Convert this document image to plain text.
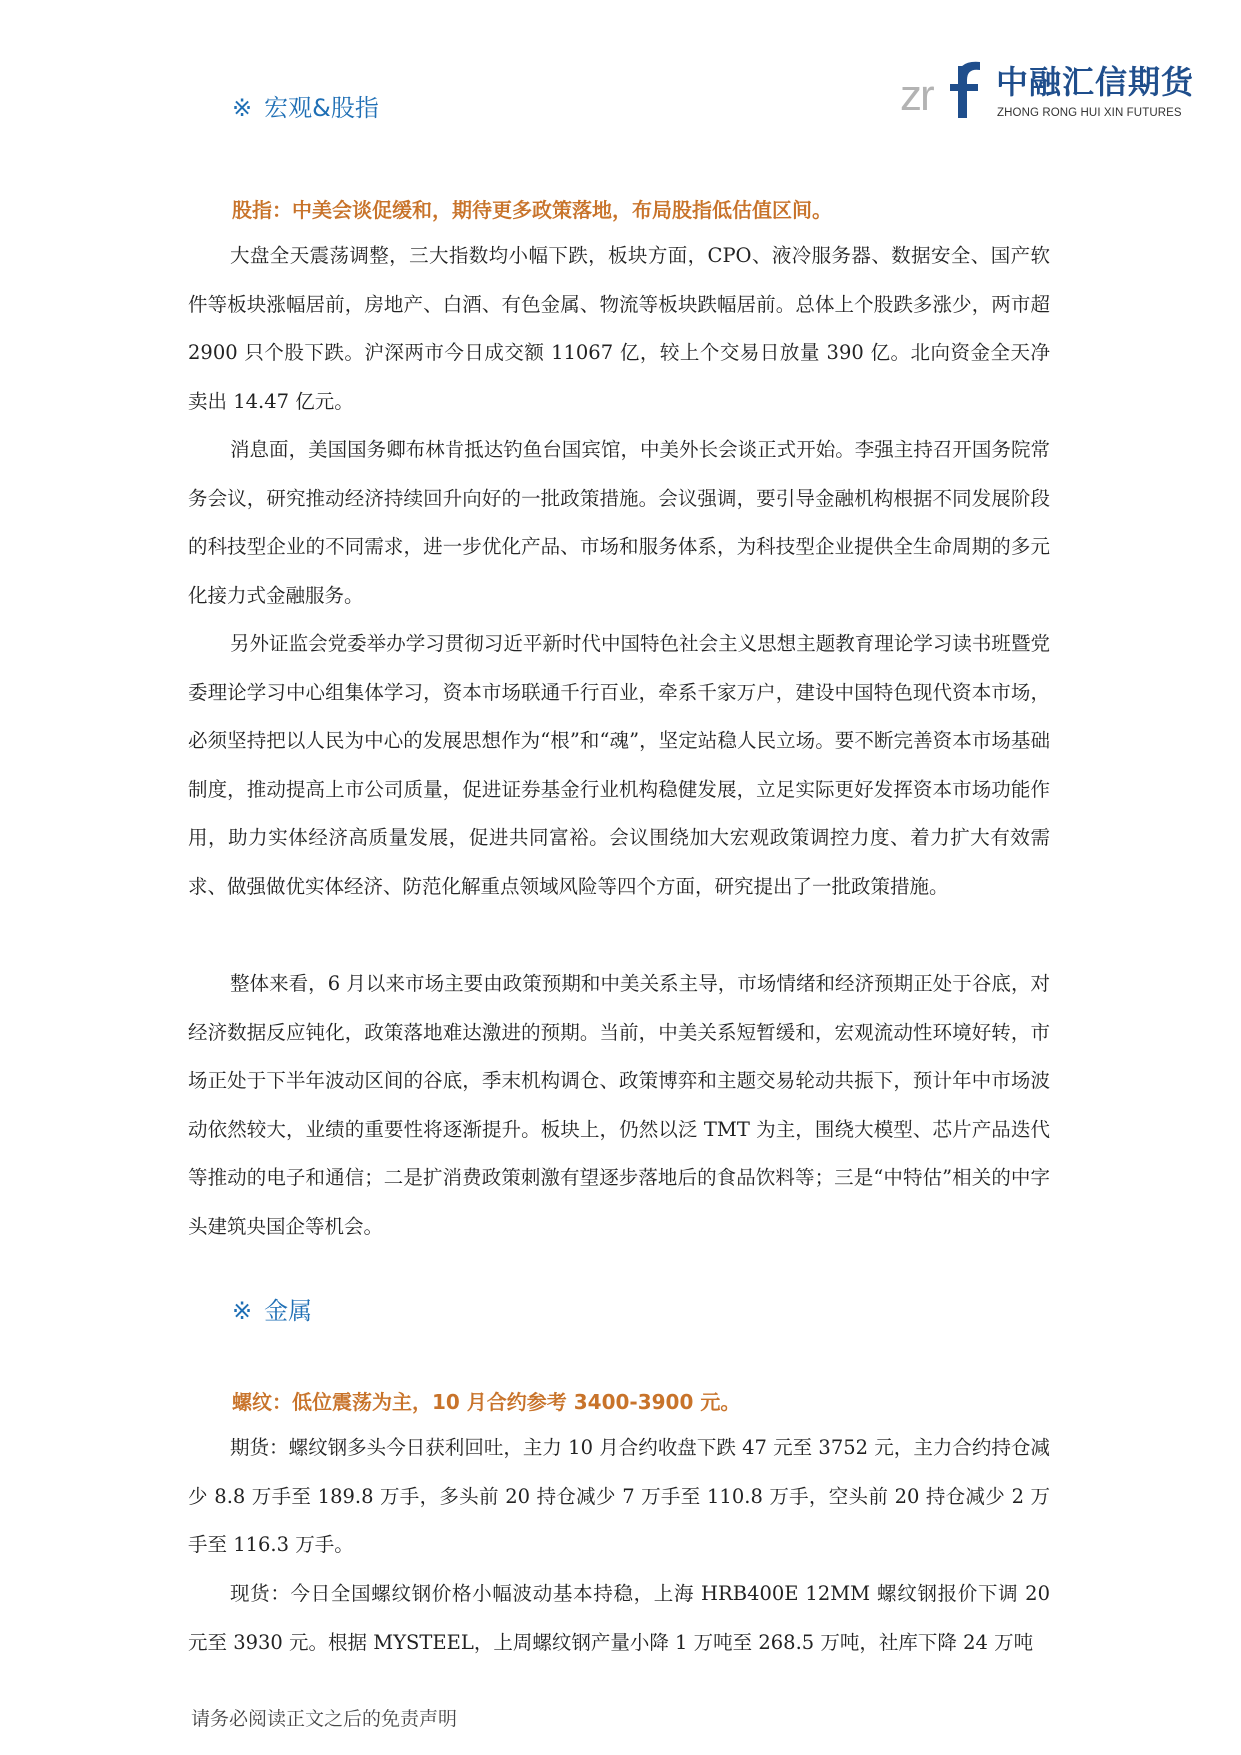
zr 中融汇信期货
ZHONG RONG HUI XIN FUTURES
※ 宏观&股指
股指：中美会谈促缓和，期待更多政策落地，布局股指低估值区间。

大盘全天震荡调整，三大指数均小幅下跌，板块方面，CPO、液冷服务器、数据安全、国产软件等板块涨幅居前，房地产、白酒、有色金属、物流等板块跌幅居前。总体上个股跌多涨少，两市超 2900 只个股下跌。沪深两市今日成交额 11067 亿，较上个交易日放量 390 亿。北向资金全天净卖出 14.47 亿元。

消息面，美国国务卿布林肯抵达钓鱼台国宾馆，中美外长会谈正式开始。李强主持召开国务院常务会议，研究推动经济持续回升向好的一批政策措施。会议强调，要引导金融机构根据不同发展阶段的科技型企业的不同需求，进一步优化产品、市场和服务体系，为科技型企业提供全生命周期的多元化接力式金融服务。

另外证监会党委举办学习贯彻习近平新时代中国特色社会主义思想主题教育理论学习读书班暨党委理论学习中心组集体学习，资本市场联通千行百业，牵系千家万户，建设中国特色现代资本市场，必须坚持把以人民为中心的发展思想作为“根”和“魂”，坚定站稳人民立场。要不断完善资本市场基础制度，推动提高上市公司质量，促进证券基金行业机构稳健发展，立足实际更好发挥资本市场功能作用，助力实体经济高质量发展，促进共同富裕。会议围绕加大宏观政策调控力度、着力扩大有效需求、做强做优实体经济、防范化解重点领域风险等四个方面，研究提出了一批政策措施。

整体来看，6 月以来市场主要由政策预期和中美关系主导，市场情绪和经济预期正处于谷底，对经济数据反应钝化，政策落地难达激进的预期。当前，中美关系短暂缓和，宏观流动性环境好转，市场正处于下半年波动区间的谷底，季末机构调仓、政策博弈和主题交易轮动共振下，预计年中市场波动依然较大，业绩的重要性将逐渐提升。板块上，仍然以泛 TMT 为主，围绕大模型、芯片产品迭代等推动的电子和通信；二是扩消费政策刺激有望逐步落地后的食品饮料等；三是“中特估”相关的中字头建筑央国企等机会。

※ 金属
螺纹：低位震荡为主，10 月合约参考 3400-3900 元。

期货：螺纹钢多头今日获利回吐，主力 10 月合约收盘下跌 47 元至 3752 元，主力合约持仓减少 8.8 万手至 189.8 万手，多头前 20 持仓减少 7 万手至 110.8 万手，空头前 20 持仓减少 2 万手至 116.3 万手。

现货：今日全国螺纹钢价格小幅波动基本持稳，上海 HRB400E 12MM 螺纹钢报价下调 20 元至 3930 元。根据 MYSTEEL，上周螺纹钢产量小降 1 万吨至 268.5 万吨，社库下降 24 万吨

请务必阅读正文之后的免责声明
